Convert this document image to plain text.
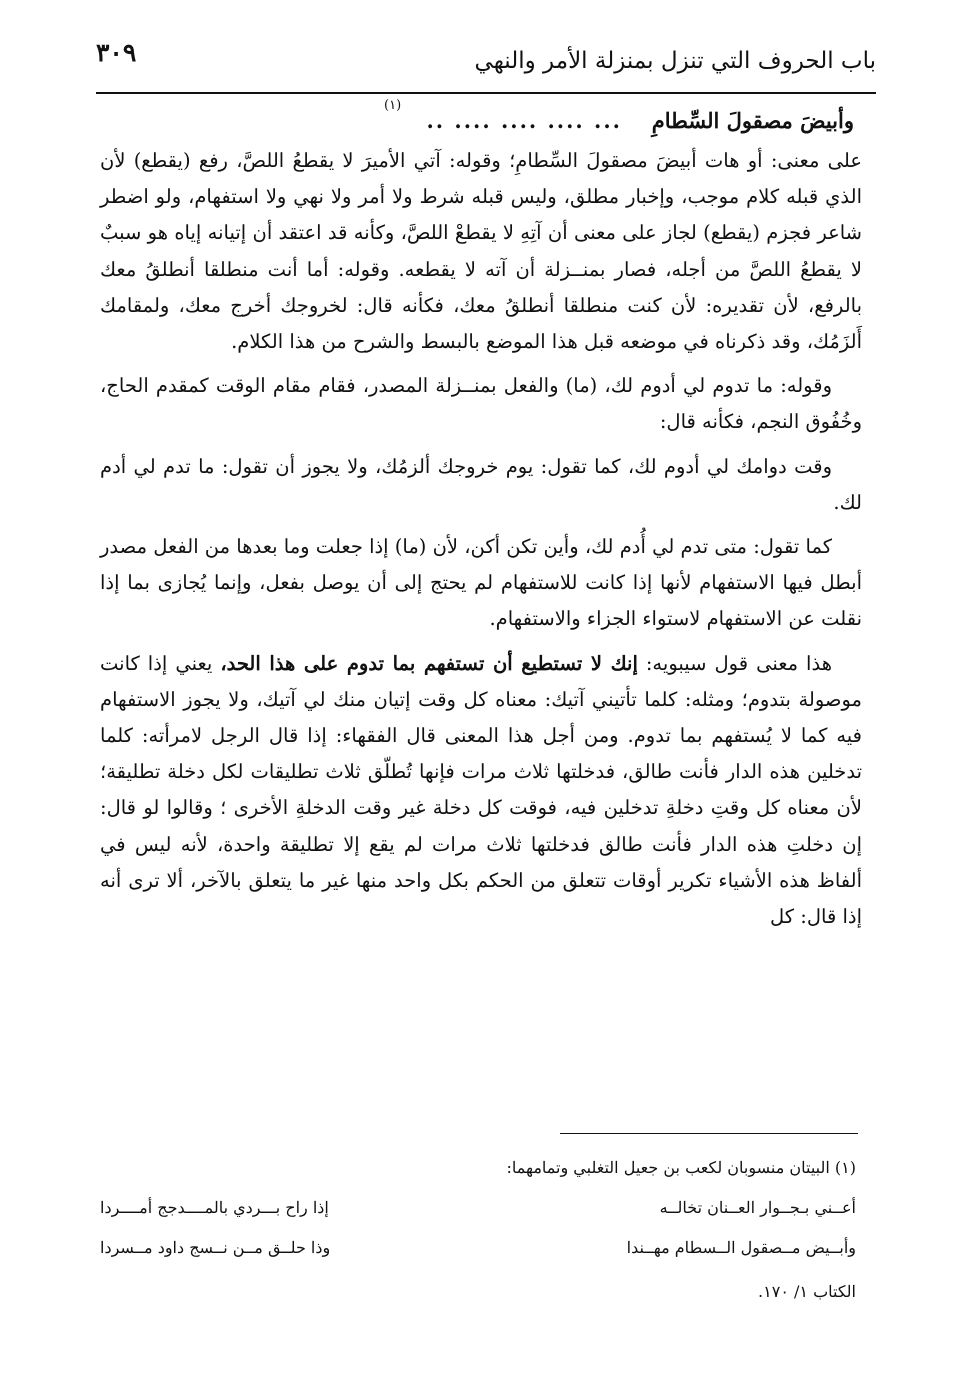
باب الحروف التي تنزل بمنزلة الأمر والنهي
٣٠٩
وأبيضَ مصقولَ السِّطامِ
... .... .... .... ..
(١)

على معنى: أو هات أبيضَ مصقولَ السِّطامِ؛ وقوله: آتي الأميرَ لا يقطعُ اللصَّ، رفع (يقطع) لأن الذي قبله كلام موجب، وإخبار مطلق، وليس قبله شرط ولا أمر ولا نهي ولا استفهام، ولو اضطر شاعر فجزم (يقطع) لجاز على معنى أن آتِهِ لا يقطعْ اللصَّ، وكأنه قد اعتقد أن إتيانه إياه هو سببٌ لا يقطعُ اللصَّ من أجله، فصار بمنــزلة أن آته لا يقطعه. وقوله: أما أنت منطلقا أنطلقُ معك بالرفع، لأن تقديره: لأن كنت منطلقا أنطلقُ معك، فكأنه قال: لخروجك أخرج معك، ولمقامك أَلزَمُك، وقد ذكرناه في موضعه قبل هذا الموضع بالبسط والشرح من هذا الكلام.

وقوله: ما تدوم لي أدوم لك، (ما) والفعل بمنــزلة المصدر، فقام مقام الوقت كمقدم الحاج، وخُفُوق النجم، فكأنه قال:

وقت دوامك لي أدوم لك، كما تقول: يوم خروجك ألزمُك، ولا يجوز أن تقول: ما تدم لي أدم لك.

كما تقول: متى تدم لي أُدم لك، وأين تكن أكن، لأن (ما) إذا جعلت وما بعدها من الفعل مصدر أبطل فيها الاستفهام لأنها إذا كانت للاستفهام لم يحتج إلى أن يوصل بفعل، وإنما يُجازى بما إذا نقلت عن الاستفهام لاستواء الجزاء والاستفهام.

هذا معنى قول سيبويه: إنك لا تستطيع أن تستفهم بما تدوم على هذا الحد، يعني إذا كانت موصولة بتدوم؛ ومثله: كلما تأتيني آتيك: معناه كل وقت إتيان منك لي آتيك، ولا يجوز الاستفهام فيه كما لا يُستفهم بما تدوم. ومن أجل هذا المعنى قال الفقهاء: إذا قال الرجل لامرأته: كلما تدخلين هذه الدار فأنت طالق، فدخلتها ثلاث مرات فإنها تُطلّق ثلاث تطليقات لكل دخلة تطليقة؛ لأن معناه كل وقتِ دخلةِ تدخلين فيه، فوقت كل دخلة غير وقت الدخلةِ الأخرى ؛ وقالوا لو قال: إن دخلتِ هذه الدار فأنت طالق فدخلتها ثلاث مرات لم يقع إلا تطليقة واحدة، لأنه ليس في ألفاظ هذه الأشياء تكرير أوقات تتعلق من الحكم بكل واحد منها غير ما يتعلق بالآخر، ألا ترى أنه إذا قال: كل

(١) البيتان منسوبان لكعب بن جعيل التغلبي وتمامهما:
أعــني بـجــوار العــنان تخالــه
إذا راح بـــردي بالمــــدجج أمــــردا
وأبــيض مــصقول الــسطام مهــندا
وذا حلــق مــن نــسج داود مــسردا
الكتاب ١/ ١٧٠.
